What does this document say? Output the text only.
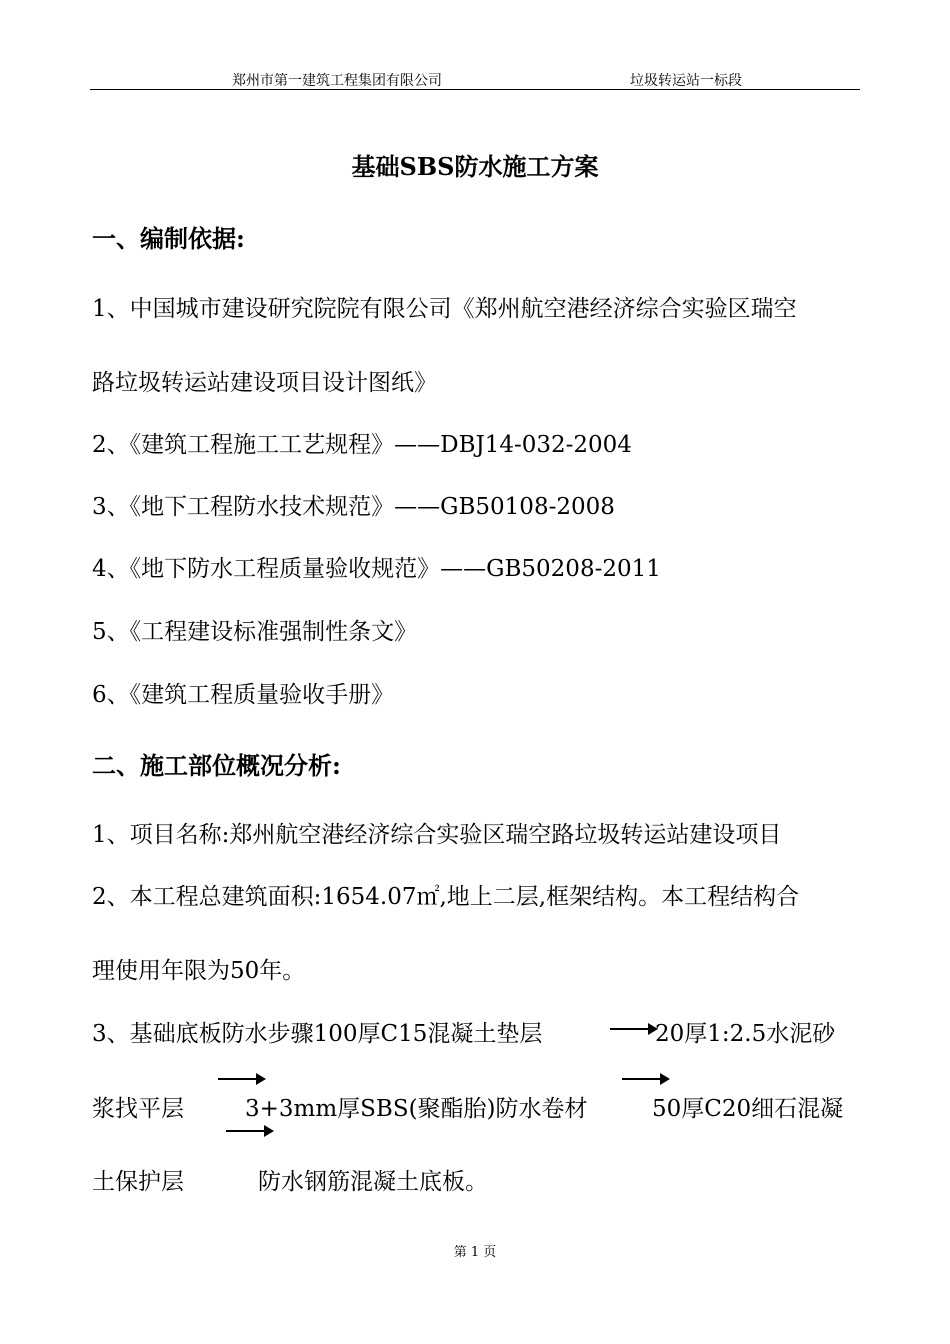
郑州市第一建筑工程集团有限公司	垃圾转运站一标段
基础SBS防水施工方案
一、编制依据:
1、中国城市建设研究院院有限公司《郑州航空港经济综合实验区瑞空
路垃圾转运站建设项目设计图纸》
2、《建筑工程施工工艺规程》——DBJ14-032-2004
3、《地下工程防水技术规范》——GB50108-2008
4、《地下防水工程质量验收规范》——GB50208-2011
5、《工程建设标准强制性条文》
6、《建筑工程质量验收手册》
二、施工部位概况分析:
1、项目名称:郑州航空港经济综合实验区瑞空路垃圾转运站建设项目
2、本工程总建筑面积:1654.07㎡,地上二层,框架结构。本工程结构合
理使用年限为50年。
3、基础底板防水步骤100厚C15混凝土垫层	20厚1:2.5水泥砂
浆找平层	3+3mm厚SBS(聚酯胎)防水卷材	50厚C20细石混凝
土保护层	防水钢筋混凝土底板。
第 1 页
